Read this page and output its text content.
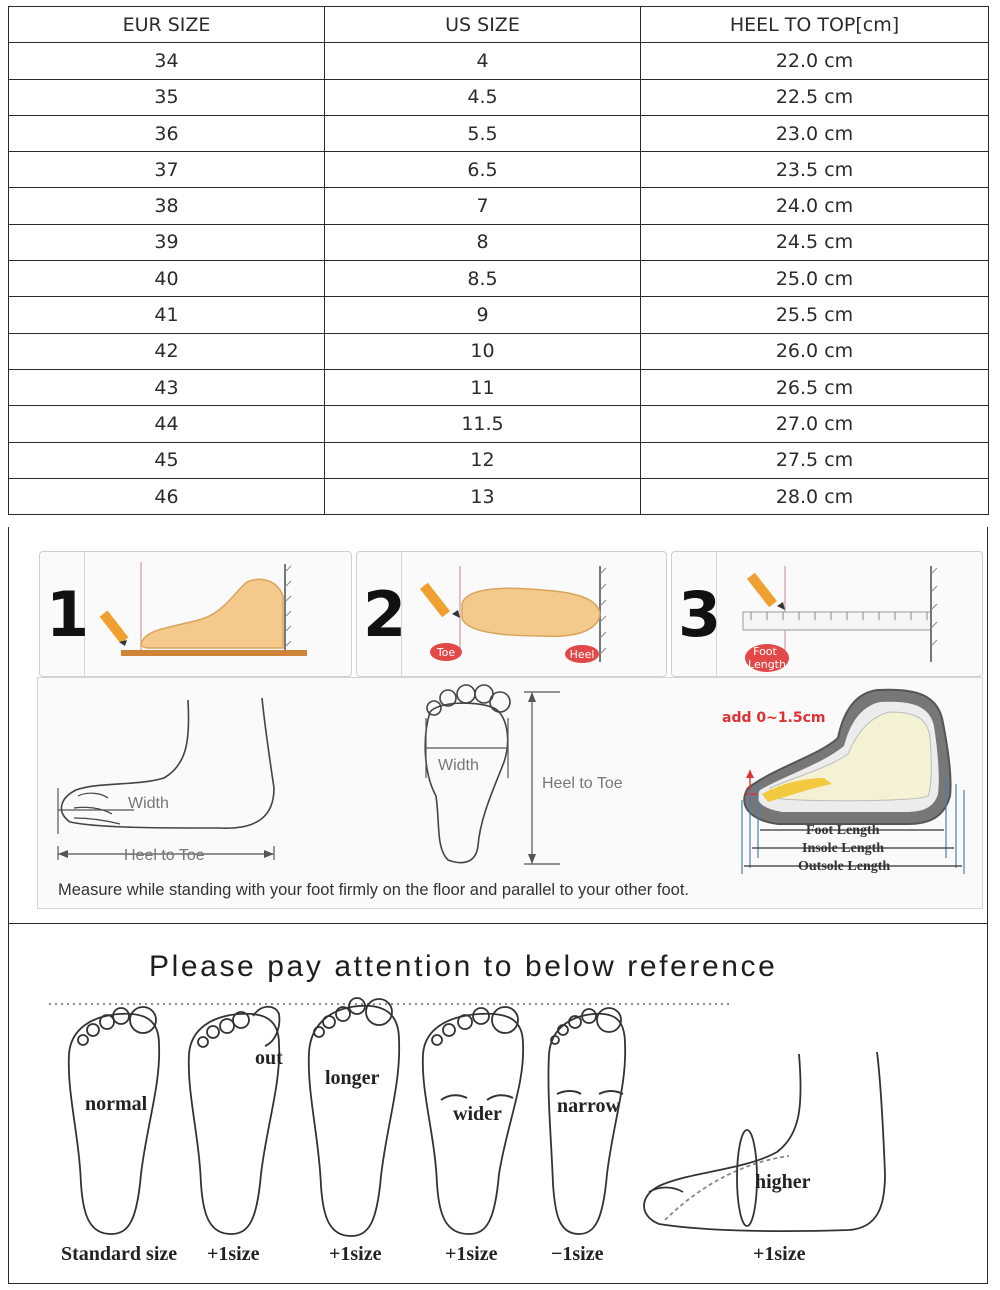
EUR SIZE	US SIZE	HEEL TO TOP[cm]
34	4	22.0 cm
35	4.5	22.5 cm
36	5.5	23.0 cm
37	6.5	23.5 cm
38	7	24.0 cm
39	8	24.5 cm
40	8.5	25.0 cm
41	9	25.5 cm
42	10	26.0 cm
43	11	26.5 cm
44	11.5	27.0 cm
45	12	27.5 cm
46	13	28.0 cm
1	2
Toe	Heel
3
Foot
Length
Width
Heel to Toe
Width
Heel to Toe
add 0~1.5cm
Foot Length
Insole Length
Outsole Length
Measure while standing with your foot firmly on the floor and parallel to your other foot.
Please pay attention to below reference
normal
out
longer
wider	narrow
higher
Standard size +1size	+1size	+1size	−1size	+1size
